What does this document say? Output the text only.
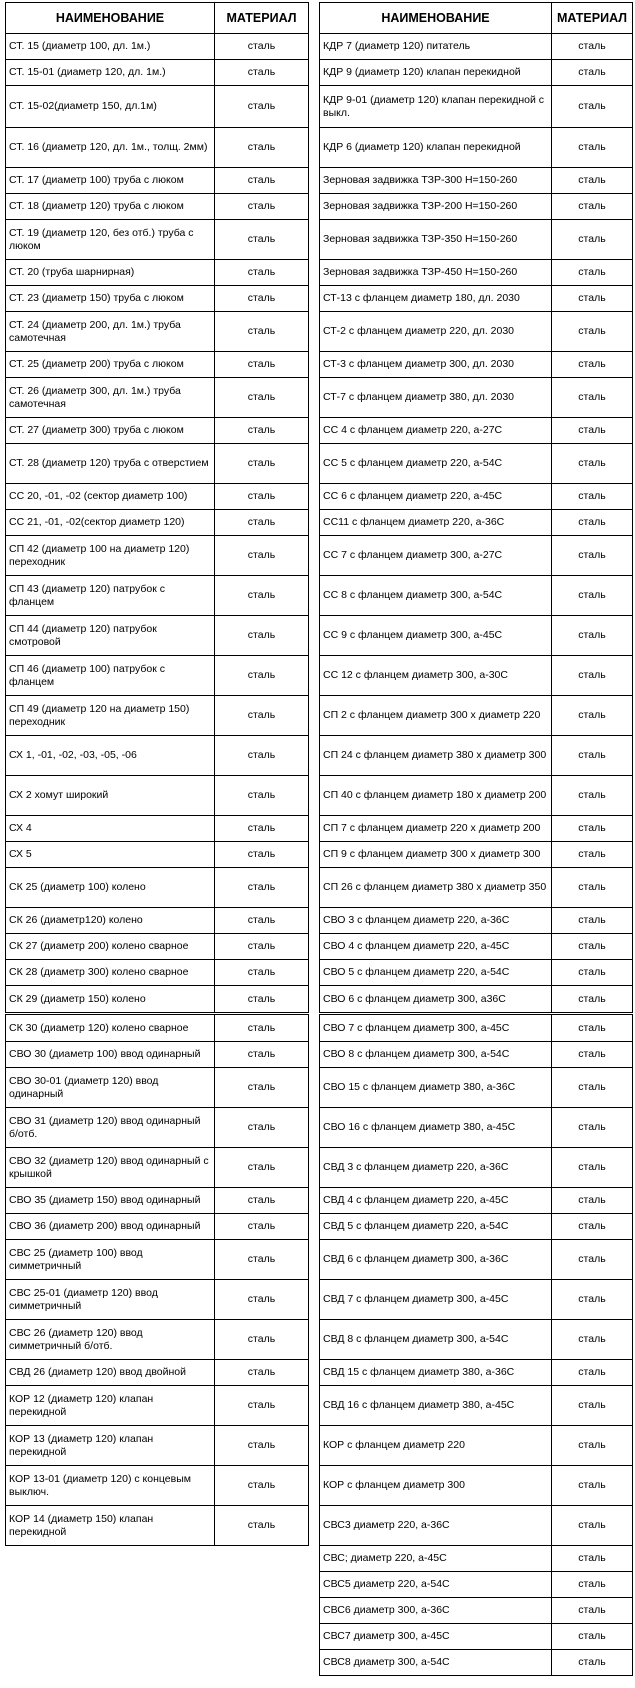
НАИМЕНОВАНИЕ	МАТЕРИАЛ
СТ. 15 (диаметр 100, дл. 1м.)	сталь
СТ. 15-01 (диаметр 120, дл. 1м.)	сталь
СТ. 15-02(диаметр 150, дл.1м)	сталь
СТ. 16 (диаметр 120, дл. 1м., толщ. 2мм)	сталь
СТ. 17 (диаметр 100) труба с люком	сталь
СТ. 18 (диаметр 120) труба с люком	сталь
СТ. 19 (диаметр 120, без отб.) труба с люком	сталь
СТ. 20 (труба шарнирная)	сталь
СТ. 23 (диаметр 150) труба с люком	сталь
СТ. 24 (диаметр 200, дл. 1м.) труба самотечная	сталь
СТ. 25 (диаметр 200) труба с люком	сталь
СТ. 26 (диаметр 300, дл. 1м.) труба самотечная	сталь
СТ. 27 (диаметр 300) труба с люком	сталь
СТ. 28 (диаметр 120) труба с отверстием	сталь
СС 20, -01, -02 (сектор диаметр 100)	сталь
СС 21, -01, -02(сектор диаметр 120)	сталь
СП 42 (диаметр 100 на диаметр 120) переходник	сталь
СП 43 (диаметр 120) патрубок с фланцем	сталь
СП 44 (диаметр 120) патрубок смотровой	сталь
СП 46 (диаметр 100) патрубок с фланцем	сталь
СП 49 (диаметр 120 на диаметр 150) переходник	сталь
СХ 1, -01, -02, -03, -05, -06	сталь
СХ 2 хомут широкий	сталь
СХ 4	сталь
СХ 5	сталь
СК 25 (диаметр 100) колено	сталь
СК 26 (диаметр120) колено	сталь
СК 27 (диаметр 200) колено сварное	сталь
СК 28 (диаметр 300) колено сварное	сталь
СК 29 (диаметр 150) колено	сталь
СК 30 (диаметр 120) колено сварное	сталь
СВО 30 (диаметр 100) ввод одинарный	сталь
СВО 30-01 (диаметр 120) ввод одинарный	сталь
СВО 31 (диаметр 120) ввод одинарный б/отб.	сталь
СВО 32 (диаметр 120) ввод одинарный с крышкой	сталь
СВО 35 (диаметр 150) ввод одинарный	сталь
СВО 36 (диаметр 200) ввод одинарный	сталь
СВС 25 (диаметр 100) ввод симметричный	сталь
СВС 25-01 (диаметр 120) ввод симметричный	сталь
СВС 26 (диаметр 120) ввод симметричный б/отб.	сталь
СВД 26 (диаметр 120) ввод двойной	сталь
КОР 12 (диаметр 120) клапан перекидной	сталь
КОР 13 (диаметр 120) клапан перекидной	сталь
КОР 13-01 (диаметр 120) с концевым выключ.	сталь
КОР 14 (диаметр 150) клапан перекидной	сталь
НАИМЕНОВАНИЕ	МАТЕРИАЛ
КДР 7 (диаметр 120) питатель	сталь
КДР 9 (диаметр 120) клапан перекидной	сталь
КДР 9-01 (диаметр 120) клапан перекидной с выкл.	сталь
КДР 6 (диаметр 120) клапан перекидной	сталь
Зерновая задвижка ТЗР-300 Н=150-260	сталь
Зерновая задвижка ТЗР-200 Н=150-260	сталь
Зерновая задвижка ТЗР-350 Н=150-260	сталь
Зерновая задвижка ТЗР-450 Н=150-260	сталь
СТ-13 с фланцем диаметр 180, дл. 2030	сталь
СТ-2 с фланцем диаметр 220, дл. 2030	сталь
СТ-3 с фланцем диаметр 300, дл. 2030	сталь
СТ-7 с фланцем диаметр 380, дл. 2030	сталь
СС 4 с фланцем диаметр 220, а-27С	сталь
СС 5 с фланцем диаметр 220, а-54С	сталь
СС 6 с фланцем диаметр 220, а-45С	сталь
СС11 с фланцем диаметр 220, а-36С	сталь
СС 7 с фланцем диаметр 300, а-27С	сталь
СС 8 с фланцем диаметр 300, а-54С	сталь
СС 9 с фланцем диаметр 300, а-45С	сталь
СС 12 с фланцем диаметр 300, а-30С	сталь
СП 2 с фланцем диаметр 300 х диаметр 220	сталь
СП 24 с фланцем диаметр 380 х диаметр 300	сталь
СП 40 с фланцем диаметр 180 х диаметр 200	сталь
СП 7 с фланцем диаметр 220 х диаметр 200	сталь
СП 9 с фланцем диаметр 300 х диаметр 300	сталь
СП 26 с фланцем диаметр 380 х диаметр 350	сталь
СВО 3 с фланцем диаметр 220, а-36С	сталь
СВО 4 с фланцем диаметр 220, а-45С	сталь
СВО 5 с фланцем диаметр 220, а-54С	сталь
СВО 6 с фланцем диаметр 300, а36С	сталь
СВО 7 с фланцем диаметр 300, а-45С	сталь
СВО 8 с фланцем диаметр 300, а-54С	сталь
СВО 15 с фланцем диаметр 380, а-36С	сталь
СВО 16 с фланцем диаметр 380, а-45С	сталь
СВД 3 с фланцем диаметр 220, а-36С	сталь
СВД 4 с фланцем диаметр 220, а-45С	сталь
СВД 5 с фланцем диаметр 220, а-54С	сталь
СВД 6 с фланцем диаметр 300, а-36С	сталь
СВД 7 с фланцем диаметр 300, а-45С	сталь
СВД 8 с фланцем диаметр 300, а-54С	сталь
СВД 15 с фланцем диаметр 380, а-36С	сталь
СВД 16 с фланцем диаметр 380, а-45С	сталь
КОР с фланцем диаметр 220	сталь
КОР с фланцем диаметр 300	сталь
СВС3 диаметр 220, а-36С	сталь
СВС; диаметр 220, а-45С	сталь
СВС5 диаметр 220, а-54С	сталь
СВС6 диаметр 300, а-36С	сталь
СВС7 диаметр 300, а-45С	сталь
СВС8 диаметр 300, а-54С	сталь
